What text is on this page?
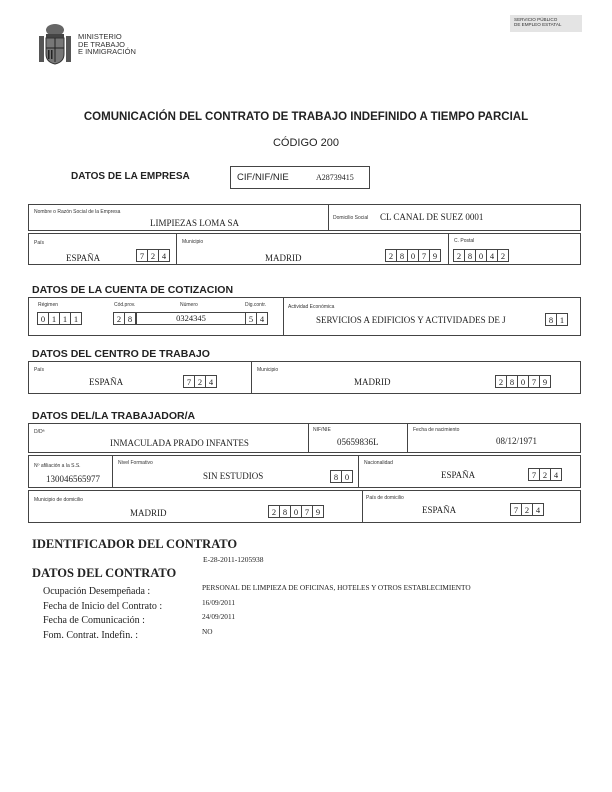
MINISTERIO
DE TRABAJO
E INMIGRACIÓN
SERVICIO PÚBLICO
DE EMPLEO ESTATAL
COMUNICACIÓN DEL CONTRATO DE TRABAJO INDEFINIDO A TIEMPO PARCIAL
CÓDIGO 200
DATOS DE LA EMPRESA	CIF/NIF/NIE	A28739415
Nombre o Razón Social de la Empresa
LIMPIEZAS LOMA SA	Domicilio Social CL CANAL DE SUEZ 0001
País
ESPAÑA	7 2 4
Municipio
MADRID	2 8 0 7 9
C. Postal
2 8 0 4 2
DATOS DE LA CUENTA DE COTIZACION
Régimen
0 1 1 1
Cód.prov.
2 8
Número
0324345
Dig.contr.
5 4
Actividad Económica
SERVICIOS A EDIFICIOS Y ACTIVIDADES DE J	8 1
DATOS DEL CENTRO DE TRABAJO
País
ESPAÑA	7 2 4
Municipio
MADRID	2 8 0 7 9
DATOS DEL/LA TRABAJADOR/A
D/Dª
INMACULADA PRADO INFANTES
NIF/NIE
05659836L
Fecha de nacimiento
08/12/1971
Nº afiliación a la S.S.
130046565977
Nivel Formativo
SIN ESTUDIOS	8 0
Nacionalidad
ESPAÑA	7 2 4
Municipio de domicilio
MADRID	2 8 0 7 9
País de domicilio
ESPAÑA	7 2 4
IDENTIFICADOR DEL CONTRATO
E-28-2011-1205938
DATOS DEL CONTRATO
Ocupación Desempeñada :	PERSONAL DE LIMPIEZA DE OFICINAS, HOTELES Y OTROS ESTABLECIMIENTO
Fecha de Inicio del Contrato :	16/09/2011
Fecha de Comunicación :	24/09/2011
Fom. Contrat. Indefin. :	NO
